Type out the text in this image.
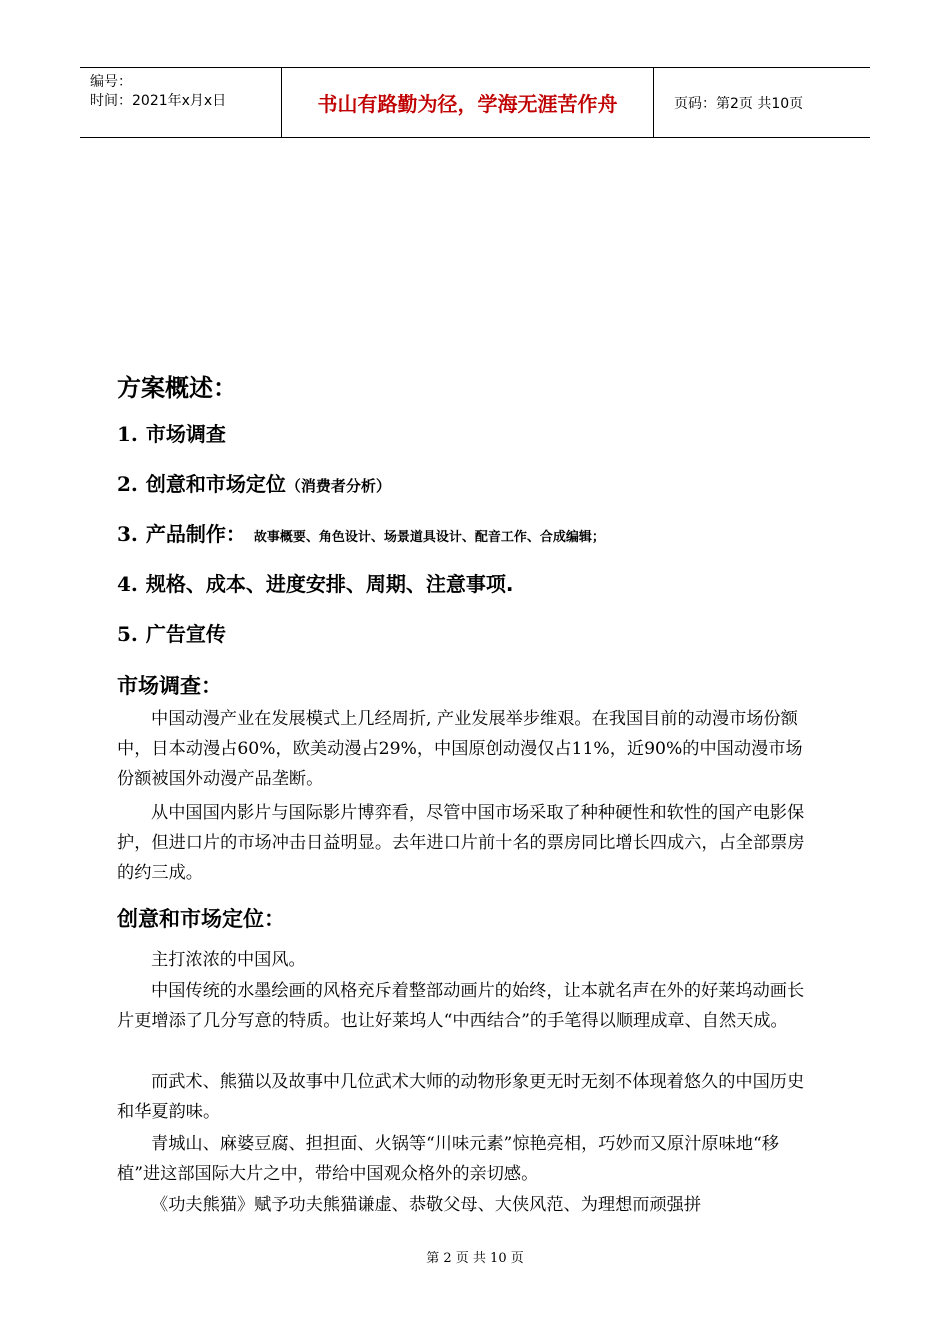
编号：
时间：2021年x月x日	书山有路勤为径，学海无涯苦作舟	页码：第2页 共10页
方案概述：
1. 市场调查
2. 创意和市场定位（消费者分析）
3. 产品制作： 故事概要、角色设计、场景道具设计、配音工作、合成编辑；
4. 规格、成本、进度安排、周期、注意事项.
5. 广告宣传
市场调查：
中国动漫产业在发展模式上几经周折, 产业发展举步维艰。在我国目前的动漫市场份额中，日本动漫占60%，欧美动漫占29%，中国原创动漫仅占11%，近90%的中国动漫市场份额被国外动漫产品垄断。
从中国国内影片与国际影片博弈看，尽管中国市场采取了种种硬性和软性的国产电影保护，但进口片的市场冲击日益明显。去年进口片前十名的票房同比增长四成六，占全部票房的约三成。
创意和市场定位：
主打浓浓的中国风。
中国传统的水墨绘画的风格充斥着整部动画片的始终，让本就名声在外的好莱坞动画长片更增添了几分写意的特质。也让好莱坞人“中西结合”的手笔得以顺理成章、自然天成。
而武术、熊猫以及故事中几位武术大师的动物形象更无时无刻不体现着悠久的中国历史和华夏韵味。
青城山、麻婆豆腐、担担面、火锅等“川味元素”惊艳亮相，巧妙而又原汁原味地“移植”进这部国际大片之中，带给中国观众格外的亲切感。
《功夫熊猫》赋予功夫熊猫谦虚、恭敬父母、大侠风范、为理想而顽强拼
第 2 页 共 10 页
